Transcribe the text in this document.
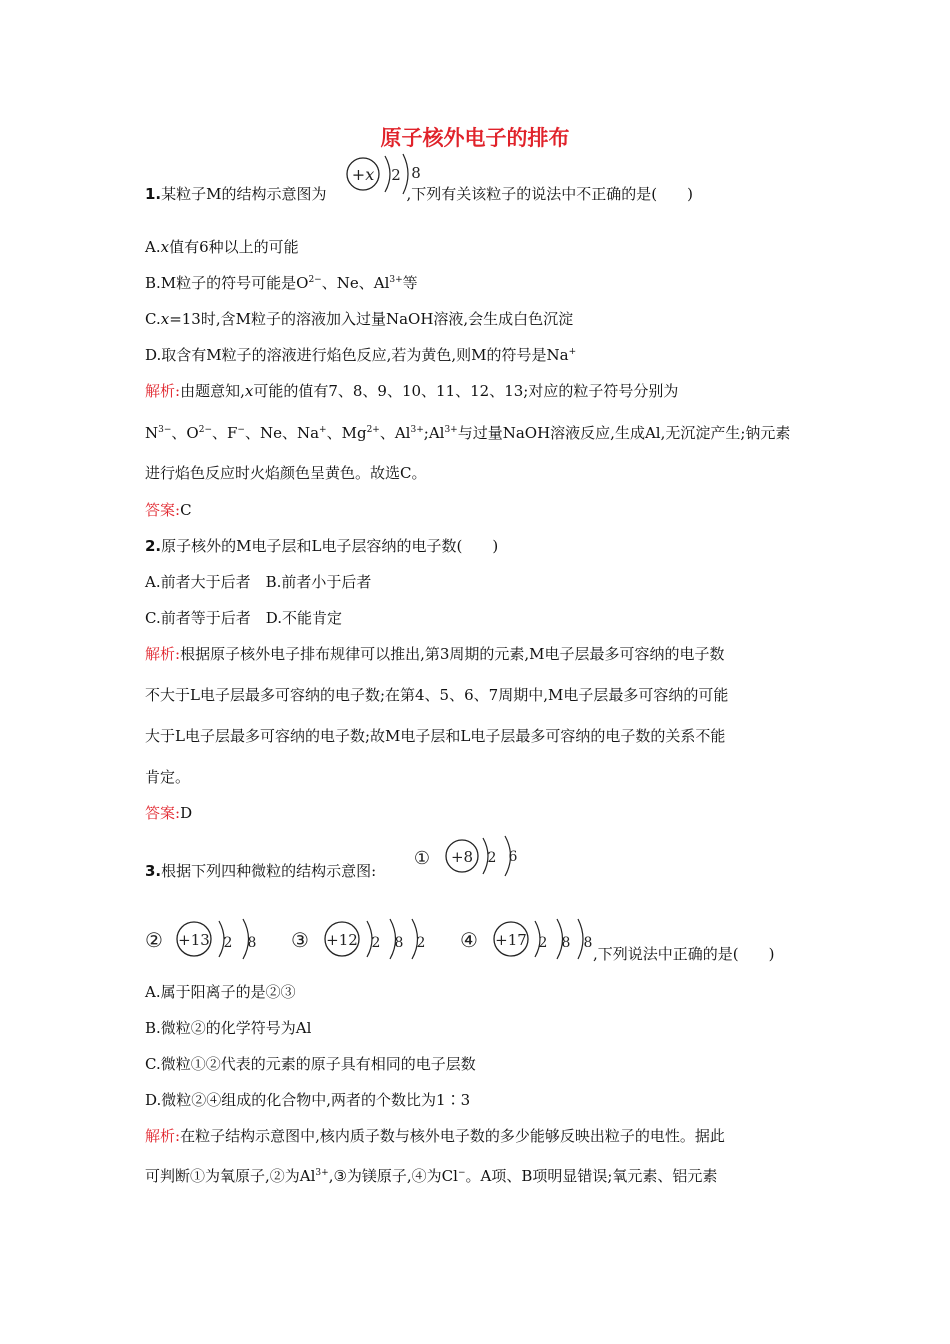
原子核外电子的排布
1.某粒子M的结构示意图为	,下列有关该粒子的说法中不正确的是(　　)
+x 2 8
A.x值有6种以上的可能
B.M粒子的符号可能是$O^{2-}$、Ne、$Al^{3+}$等
C.x=13时,含M粒子的溶液加入过量NaOH溶液,会生成白色沉淀
D.取含有M粒子的溶液进行焰色反应,若为黄色,则M的符号是Na+
解析:由题意知,x可能的值有7、8、9、10、11、12、13;对应的粒子符号分别为
$N^{3-}$、$O^{2-}$、F−、Ne、Na+、$Mg^{2+}$、$Al^{3+};Al^{3+}$与过量NaOH溶液反应,生成Al,无沉淀产生;钠元素
进行焰色反应时火焰颜色呈黄色。故选C。
答案:C
2.原子核外的M电子层和L电子层容纳的电子数(　　)
A.前者大于后者　B.前者小于后者
C.前者等于后者　D.不能肯定
解析:根据原子核外电子排布规律可以推出,第3周期的元素,M电子层最多可容纳的电子数
不大于L电子层最多可容纳的电子数;在第4、5、6、7周期中,M电子层最多可容纳的可能
大于L电子层最多可容纳的电子数;故M电子层和L电子层最多可容纳的电子数的关系不能
肯定。
答案:D
3.根据下列四种微粒的结构示意图:
① +8 2 6
② +13 2 8 ③ +12 2 8 2 ④ +17 2 8 8
,下列说法中正确的是(　　)
A.属于阳离子的是②③
B.微粒②的化学符号为Al
C.微粒①②代表的元素的原子具有相同的电子层数
D.微粒②④组成的化合物中,两者的个数比为1∶3
解析:在粒子结构示意图中,核内质子数与核外电子数的多少能够反映出粒子的电性。据此
可判断①为氧原子,②为$Al^{3+},③$为镁原子,④为Cl−。A项、B项明显错误;氧元素、铝元素
